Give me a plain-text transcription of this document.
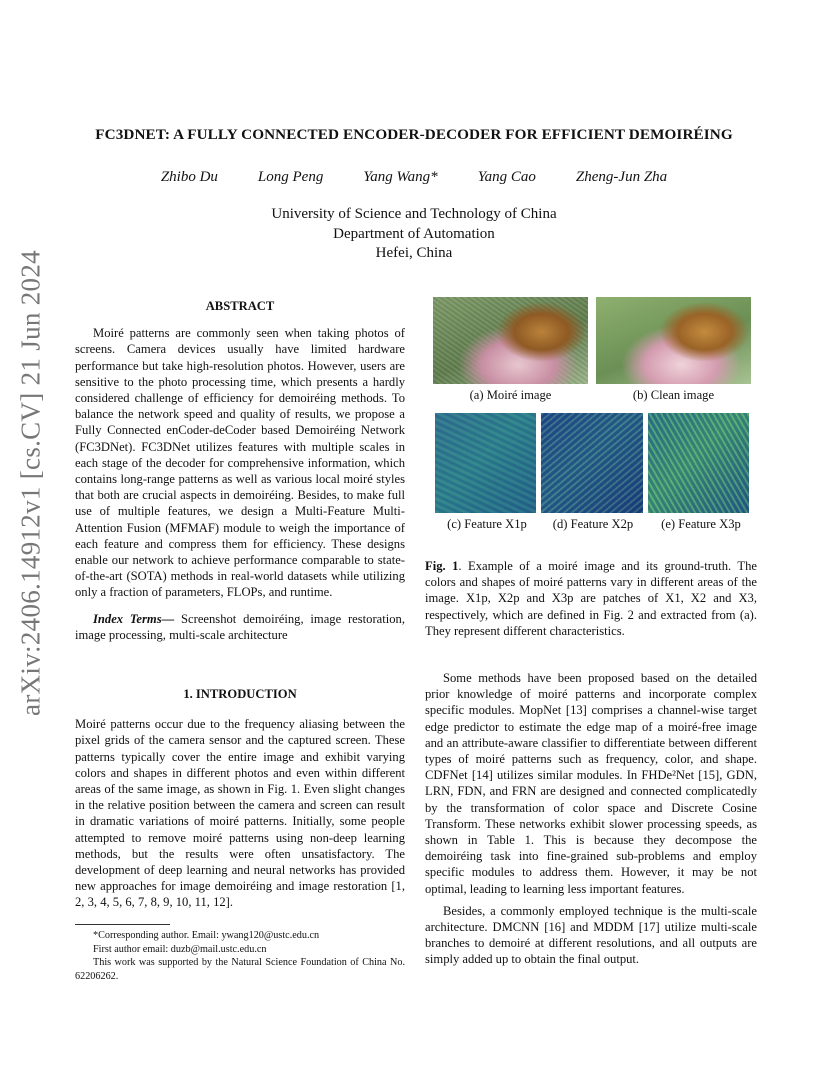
FC3DNET: A FULLY CONNECTED ENCODER-DECODER FOR EFFICIENT DEMOIRÉING
Zhibo Du	Long Peng	Yang Wang*	Yang Cao	Zheng-Jun Zha
University of Science and Technology of China
Department of Automation
Hefei, China
arXiv:2406.14912v1 [cs.CV] 21 Jun 2024	ABSTRACT

Moiré patterns are commonly seen when taking photos of screens. Camera devices usually have limited hardware performance but take high-resolution photos. However, users are sensitive to the photo processing time, which presents a hardly considered challenge of efficiency for demoiréing methods. To balance the network speed and quality of results, we propose a Fully Connected enCoder-deCoder based Demoiréing Network (FC3DNet). FC3DNet utilizes features with multiple scales in each stage of the decoder for comprehensive information, which contains long-range patterns as well as various local moiré styles that both are crucial aspects in demoiréing. Besides, to make full use of multiple features, we design a Multi-Feature Multi-Attention Fusion (MFMAF) module to weigh the importance of each feature and compress them for efficiency. These designs enable our network to achieve performance comparable to state-of-the-art (SOTA) methods in real-world datasets while utilizing only a fraction of parameters, FLOPs, and runtime.

Index Terms— Screenshot demoiréing, image restoration, image processing, multi-scale architecture

1. INTRODUCTION

Moiré patterns occur due to the frequency aliasing between the pixel grids of the camera sensor and the captured screen. These patterns typically cover the entire image and exhibit varying colors and shapes in different photos and even within different areas of the same image, as shown in Fig. 1. Even slight changes in the relative position between the camera and screen can result in dramatic variations of moiré patterns. Initially, some people attempted to remove moiré patterns using non-deep learning methods, but the results were often unsatisfactory. The development of deep learning and neural networks has provided new approaches for image demoiréing and image restoration [1, 2, 3, 4, 5, 6, 7, 8, 9, 10, 11, 12].

*Corresponding author. Email: ywang120@ustc.edu.cn

First author email: duzb@mail.ustc.edu.cn

This work was supported by the Natural Science Foundation of China No. 62206262.

(a) Moiré image	(b) Clean image
(c) Feature X1p	(d) Feature X2p	(e) Feature X3p

Fig. 1. Example of a moiré image and its ground-truth. The colors and shapes of moiré patterns vary in different areas of the image. X1p, X2p and X3p are patches of X1, X2 and X3, respectively, which are defined in Fig. 2 and extracted from (a). They represent different characteristics.

Some methods have been proposed based on the detailed prior knowledge of moiré patterns and incorporate complex specific modules. MopNet [13] comprises a channel-wise target edge predictor to estimate the edge map of a moiré-free image and an attribute-aware classifier to differentiate between different types of moiré patterns such as frequency, color, and shape. CDFNet [14] utilizes similar modules. In FHDe²Net [15], GDN, LRN, FDN, and FRN are designed and connected complicatedly by the transformation of color space and Discrete Cosine Transform. These networks exhibit slower processing speeds, as shown in Table 1. This is because they decompose the demoiréing task into fine-grained sub-problems and employ specific modules to address them. However, it may be not optimal, leading to learning less important features.

Besides, a commonly employed technique is the multi-scale architecture. DMCNN [16] and MDDM [17] utilize multi-scale branches to demoiré at different resolutions, and all outputs are simply added up to obtain the final output.
